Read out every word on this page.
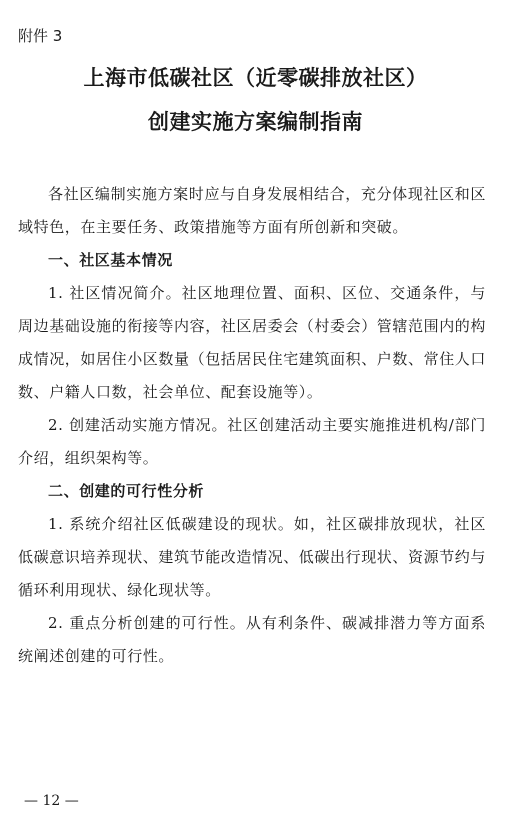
附件 3
上海市低碳社区（近零碳排放社区）
创建实施方案编制指南

各社区编制实施方案时应与自身发展相结合，充分体现社区和区域特色，在主要任务、政策措施等方面有所创新和突破。

一、社区基本情况

1. 社区情况简介。社区地理位置、面积、区位、交通条件，与周边基础设施的衔接等内容，社区居委会（村委会）管辖范围内的构成情况，如居住小区数量（包括居民住宅建筑面积、户数、常住人口数、户籍人口数，社会单位、配套设施等）。

2. 创建活动实施方情况。社区创建活动主要实施推进机构/部门介绍，组织架构等。

二、创建的可行性分析

1. 系统介绍社区低碳建设的现状。如，社区碳排放现状，社区低碳意识培养现状、建筑节能改造情况、低碳出行现状、资源节约与循环利用现状、绿化现状等。

2. 重点分析创建的可行性。从有利条件、碳减排潜力等方面系统阐述创建的可行性。

— 12 —
